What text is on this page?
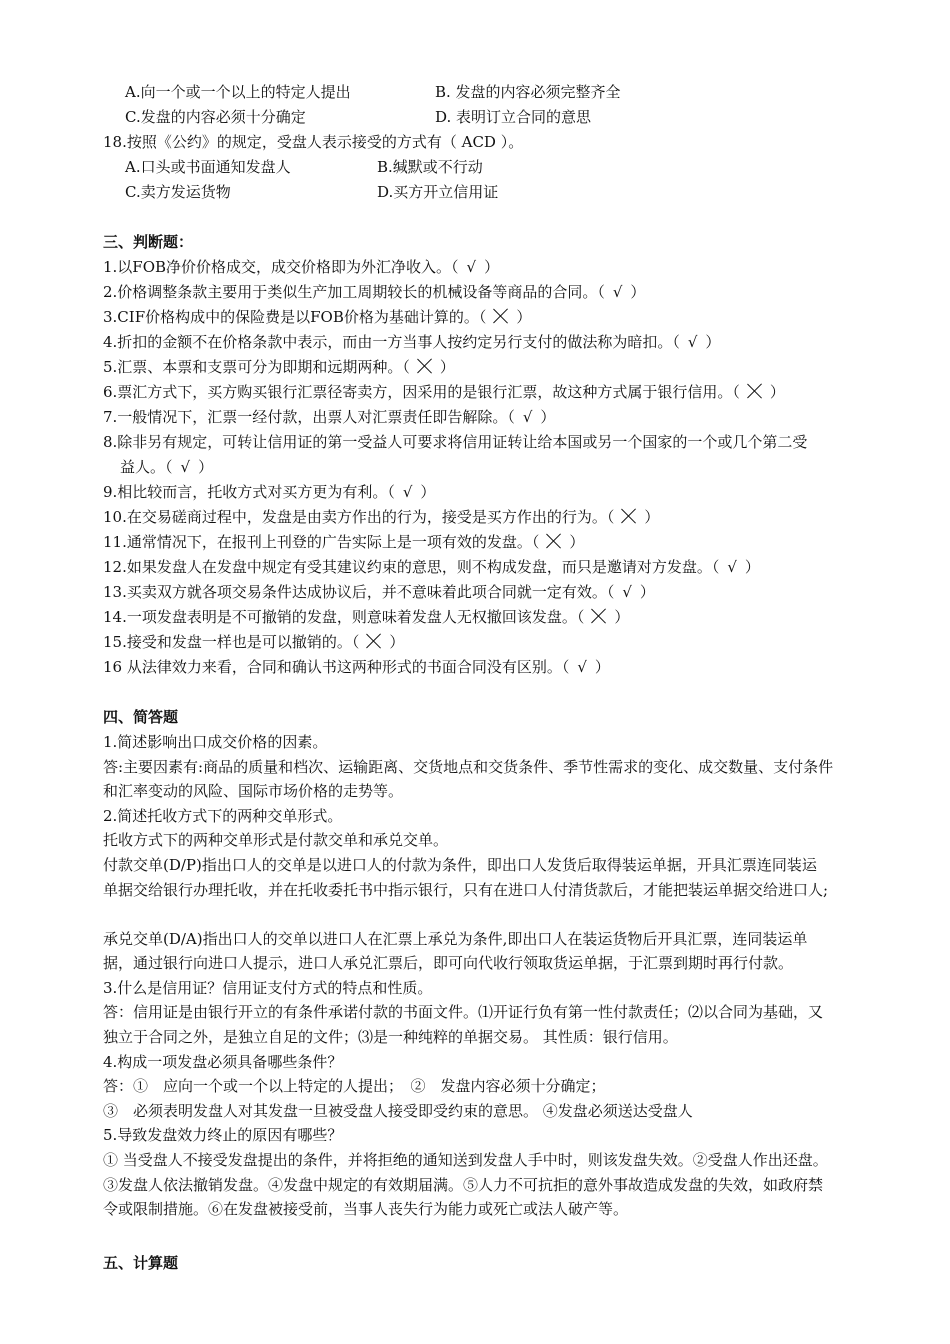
A.向一个或一个以上的特定人提出	B. 发盘的内容必须完整齐全
C.发盘的内容必须十分确定	D. 表明订立合同的意思
18.按照《公约》的规定，受盘人表示接受的方式有（ ACD ）。
A.口头或书面通知发盘人	B.缄默或不行动
C.卖方发运货物	D.买方开立信用证
三、判断题：
1.以FOB净价价格成交，成交价格即为外汇净收入。（ √ ）
2.价格调整条款主要用于类似生产加工周期较长的机械设备等商品的合同。（ √ ）
3.CIF价格构成中的保险费是以FOB价格为基础计算的。（ ）
4.折扣的金额不在价格条款中表示，而由一方当事人按约定另行支付的做法称为暗扣。（ √ ）
5.汇票、本票和支票可分为即期和远期两种。（ ）
6.票汇方式下，买方购买银行汇票径寄卖方，因采用的是银行汇票，故这种方式属于银行信用。（ ）
7.一般情况下，汇票一经付款，出票人对汇票责任即告解除。（ √ ）
8.除非另有规定，可转让信用证的第一受益人可要求将信用证转让给本国或另一个国家的一个或几个第二受
益人。（ √ ）
9.相比较而言，托收方式对买方更为有利。（ √ ）
10.在交易磋商过程中，发盘是由卖方作出的行为，接受是买方作出的行为。（ ）
11.通常情况下，在报刊上刊登的广告实际上是一项有效的发盘。（ ）
12.如果发盘人在发盘中规定有受其建议约束的意思，则不构成发盘，而只是邀请对方发盘。（ √ ）
13.买卖双方就各项交易条件达成协议后，并不意味着此项合同就一定有效。（ √ ）
14.一项发盘表明是不可撤销的发盘，则意味着发盘人无权撤回该发盘。（ ）
15.接受和发盘一样也是可以撤销的。（ ）
16 从法律效力来看，合同和确认书这两种形式的书面合同没有区别。（ √ ）
四、简答题
1.简述影响出口成交价格的因素。
答:主要因素有:商品的质量和档次、运输距离、交货地点和交货条件、季节性需求的变化、成交数量、支付条件
和汇率变动的风险、国际市场价格的走势等。
2.简述托收方式下的两种交单形式。
托收方式下的两种交单形式是付款交单和承兑交单。
付款交单(D/P)指出口人的交单是以进口人的付款为条件，即出口人发货后取得装运单据，开具汇票连同装运
单据交给银行办理托收，并在托收委托书中指示银行，只有在进口人付清货款后，才能把装运单据交给进口人;
承兑交单(D/A)指出口人的交单以进口人在汇票上承兑为条件,即出口人在装运货物后开具汇票，连同装运单
据，通过银行向进口人提示，进口人承兑汇票后，即可向代收行领取货运单据，于汇票到期时再行付款。
3.什么是信用证？信用证支付方式的特点和性质。
答：信用证是由银行开立的有条件承诺付款的书面文件。⑴开证行负有第一性付款责任；⑵以合同为基础，又
独立于合同之外，是独立自足的文件；⑶是一种纯粹的单据交易。 其性质：银行信用。
4.构成一项发盘必须具备哪些条件？
答：①　应向一个或一个以上特定的人提出；　②　发盘内容必须十分确定；
③　必须表明发盘人对其发盘一旦被受盘人接受即受约束的意思。 ④发盘必须送达受盘人
5.导致发盘效力终止的原因有哪些？
① 当受盘人不接受发盘提出的条件，并将拒绝的通知送到发盘人手中时，则该发盘失效。②受盘人作出还盘。
③发盘人依法撤销发盘。④发盘中规定的有效期届满。⑤人力不可抗拒的意外事故造成发盘的失效，如政府禁
令或限制措施。⑥在发盘被接受前，当事人丧失行为能力或死亡或法人破产等。
五、计算题
